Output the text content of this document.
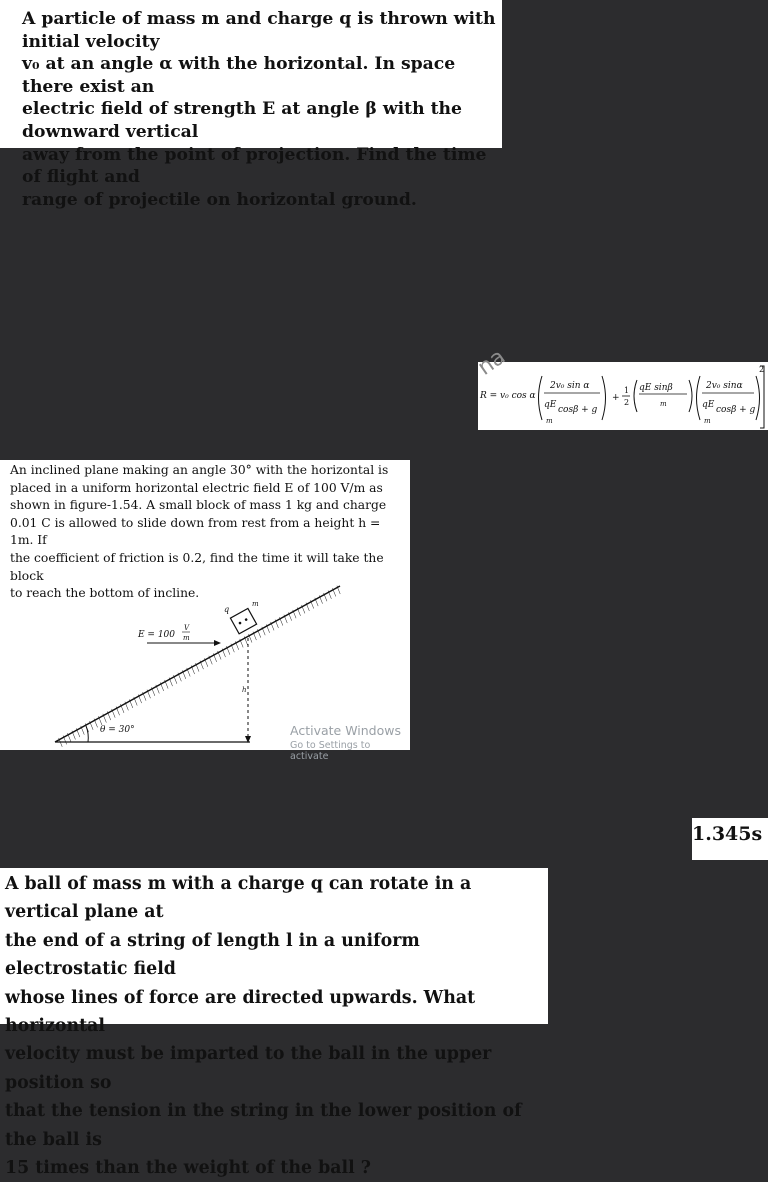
A particle of mass m and charge q is thrown with initial velocity
v₀ at an angle α with the horizontal. In space there exist an
electric field of strength E at angle β with the downward vertical
away from the point of projection. Find the time of flight and
range of projectile on horizontal ground.
R = v₀ cos α
2v₀ sin α
qE cosβ + g
m
+
1
2
qE sinβ
m
2v₀ sinα
qE cosβ + g
m
2
na
An inclined plane making an angle 30° with the horizontal is
placed in a uniform horizontal electric field E of 100 V/m as
shown in figure-1.54. A small block of mass 1 kg and charge
0.01 C is allowed to slide down from rest from a height h = 1m. If
the coefficient of friction is 0.2, find the time it will take the block
to reach the bottom of incline.
θ = 30°
E = 100
V
m
q
m
h
Activate Windows
Go to Settings to activate
1.345s
A ball of mass m with a charge q can rotate in a vertical plane at
the end of a string of length l in a uniform electrostatic field
whose lines of force are directed upwards. What horizontal
velocity must be imparted to the ball in the upper position so
that the tension in the string in the lower position of the ball is
15 times than the weight of the ball ?
